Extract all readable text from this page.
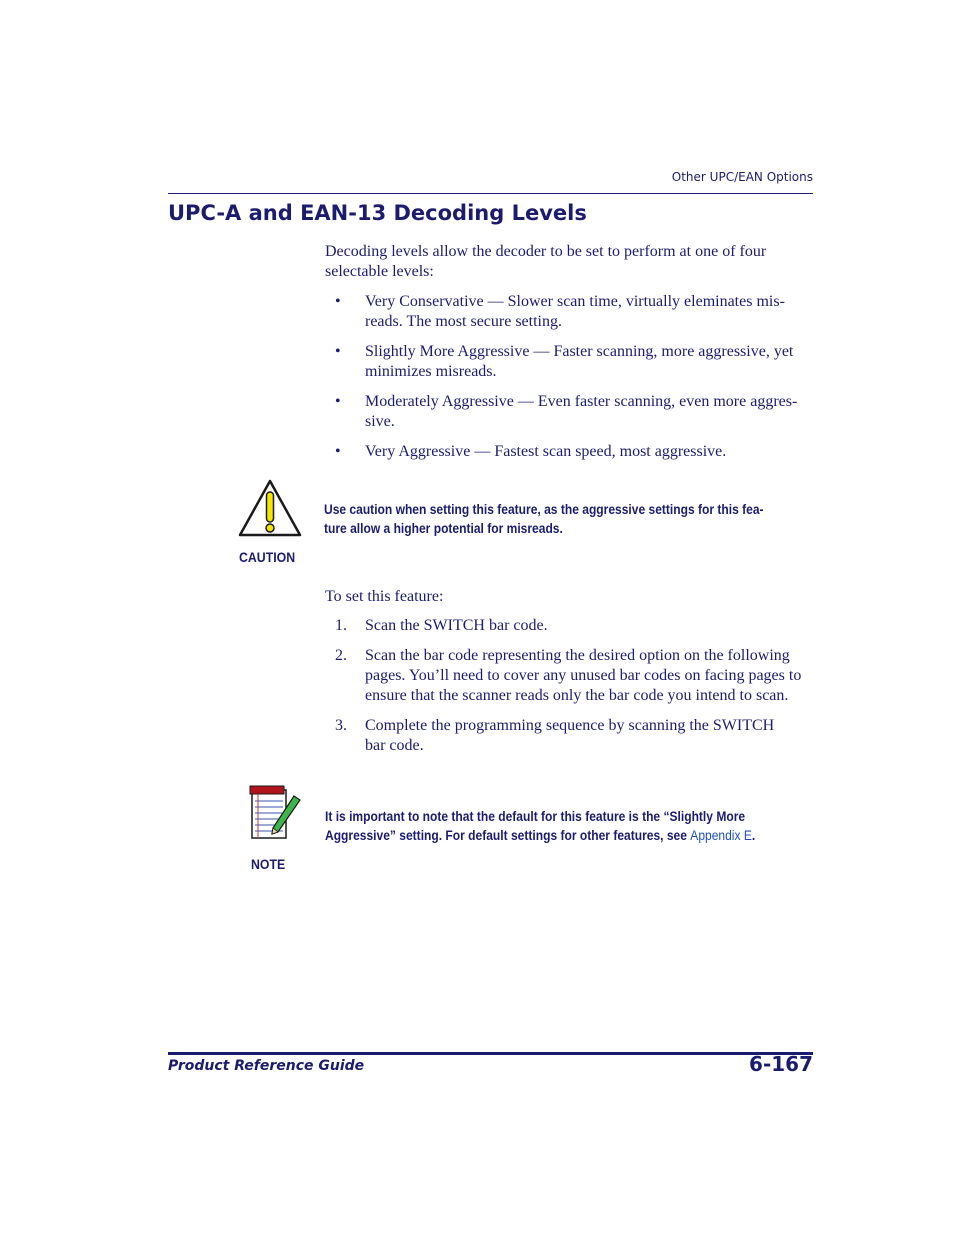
Other UPC/EAN Options
UPC-A and EAN-13 Decoding Levels

Decoding levels allow the decoder to be set to perform at one of four selectable levels:

• Very Conservative — Slower scan time, virtually eleminates mis-
reads. The most secure setting.
• Slightly More Aggressive — Faster scanning, more aggressive, yet
minimizes misreads.
• Moderately Aggressive — Even faster scanning, even more aggres-
sive.
• Very Aggressive — Fastest scan speed, most aggressive.
CAUTION

Use caution when setting this feature, as the aggressive settings for this fea-
ture allow a higher potential for misreads.

To set this feature:

1. Scan the SWITCH bar code.
2. Scan the bar code representing the desired option on the following
pages. You’ll need to cover any unused bar codes on facing pages to
ensure that the scanner reads only the bar code you intend to scan.
3. Complete the programming sequence by scanning the SWITCH
bar code.
NOTE

It is important to note that the default for this feature is the “Slightly More
Aggressive” setting. For default settings for other features, see Appendix E.

Product Reference Guide	6-167
